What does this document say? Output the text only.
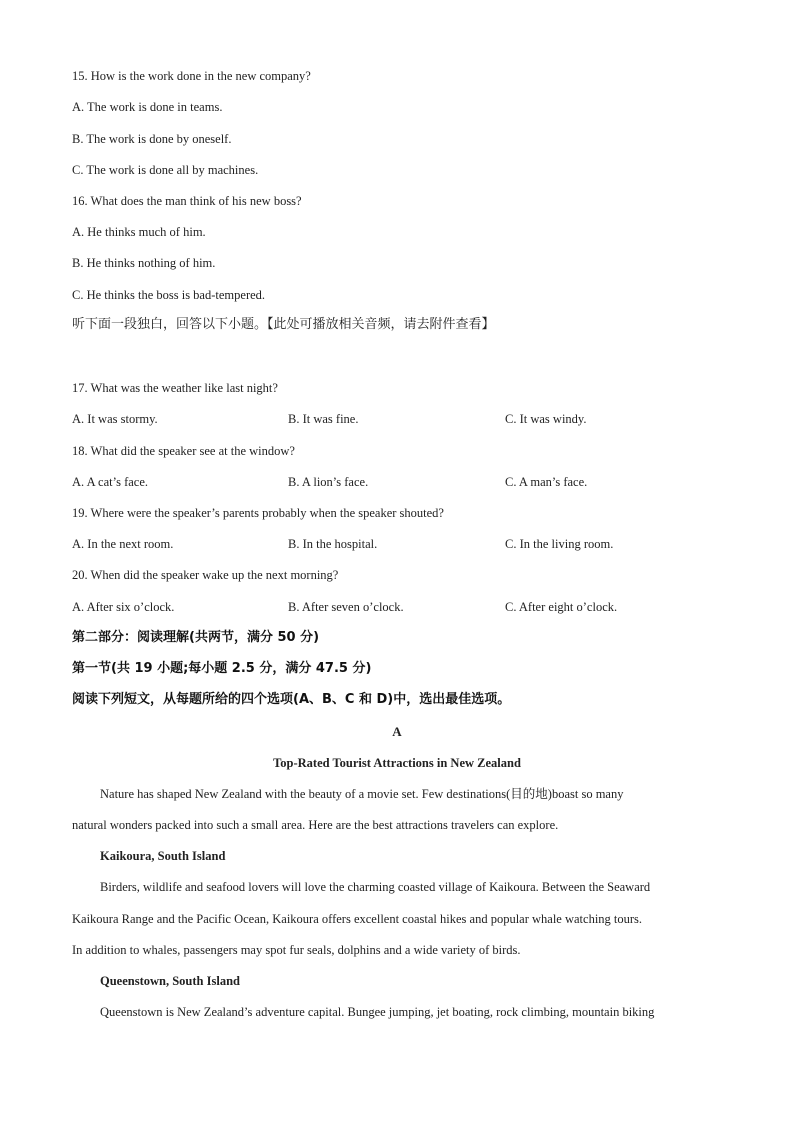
15. How is the work done in the new company?
A. The work is done in teams.
B. The work is done by oneself.
C. The work is done all by machines.
16. What does the man think of his new boss?
A. He thinks much of him.
B. He thinks nothing of him.
C. He thinks the boss is bad-tempered.
听下面一段独白，回答以下小题。【此处可播放相关音频，请去附件查看】
17. What was the weather like last night?
A. It was stormy.	B. It was fine.	C. It was windy.
18. What did the speaker see at the window?
A. A cat’s face.	B. A lion’s face.	C. A man’s face.
19. Where were the speaker’s parents probably when the speaker shouted?
A. In the next room.	B. In the hospital.	C. In the living room.
20. When did the speaker wake up the next morning?
A. After six o’clock.	B. After seven o’clock.	C. After eight o’clock.
第二部分：阅读理解(共两节，满分 50 分)
第一节(共 19 小题;每小题 2.5 分，满分 47.5 分)
阅读下列短文，从每题所给的四个选项(A、B、C 和 D)中，选出最佳选项。
A
Top-Rated Tourist Attractions in New Zealand
Nature has shaped New Zealand with the beauty of a movie set. Few destinations(目的地)boast so many
natural wonders packed into such a small area. Here are the best attractions travelers can explore.
Kaikoura, South Island
Birders, wildlife and seafood lovers will love the charming coasted village of Kaikoura. Between the Seaward
Kaikoura Range and the Pacific Ocean, Kaikoura offers excellent coastal hikes and popular whale watching tours.
In addition to whales, passengers may spot fur seals, dolphins and a wide variety of birds.
Queenstown, South Island
Queenstown is New Zealand’s adventure capital. Bungee jumping, jet boating, rock climbing, mountain biking
